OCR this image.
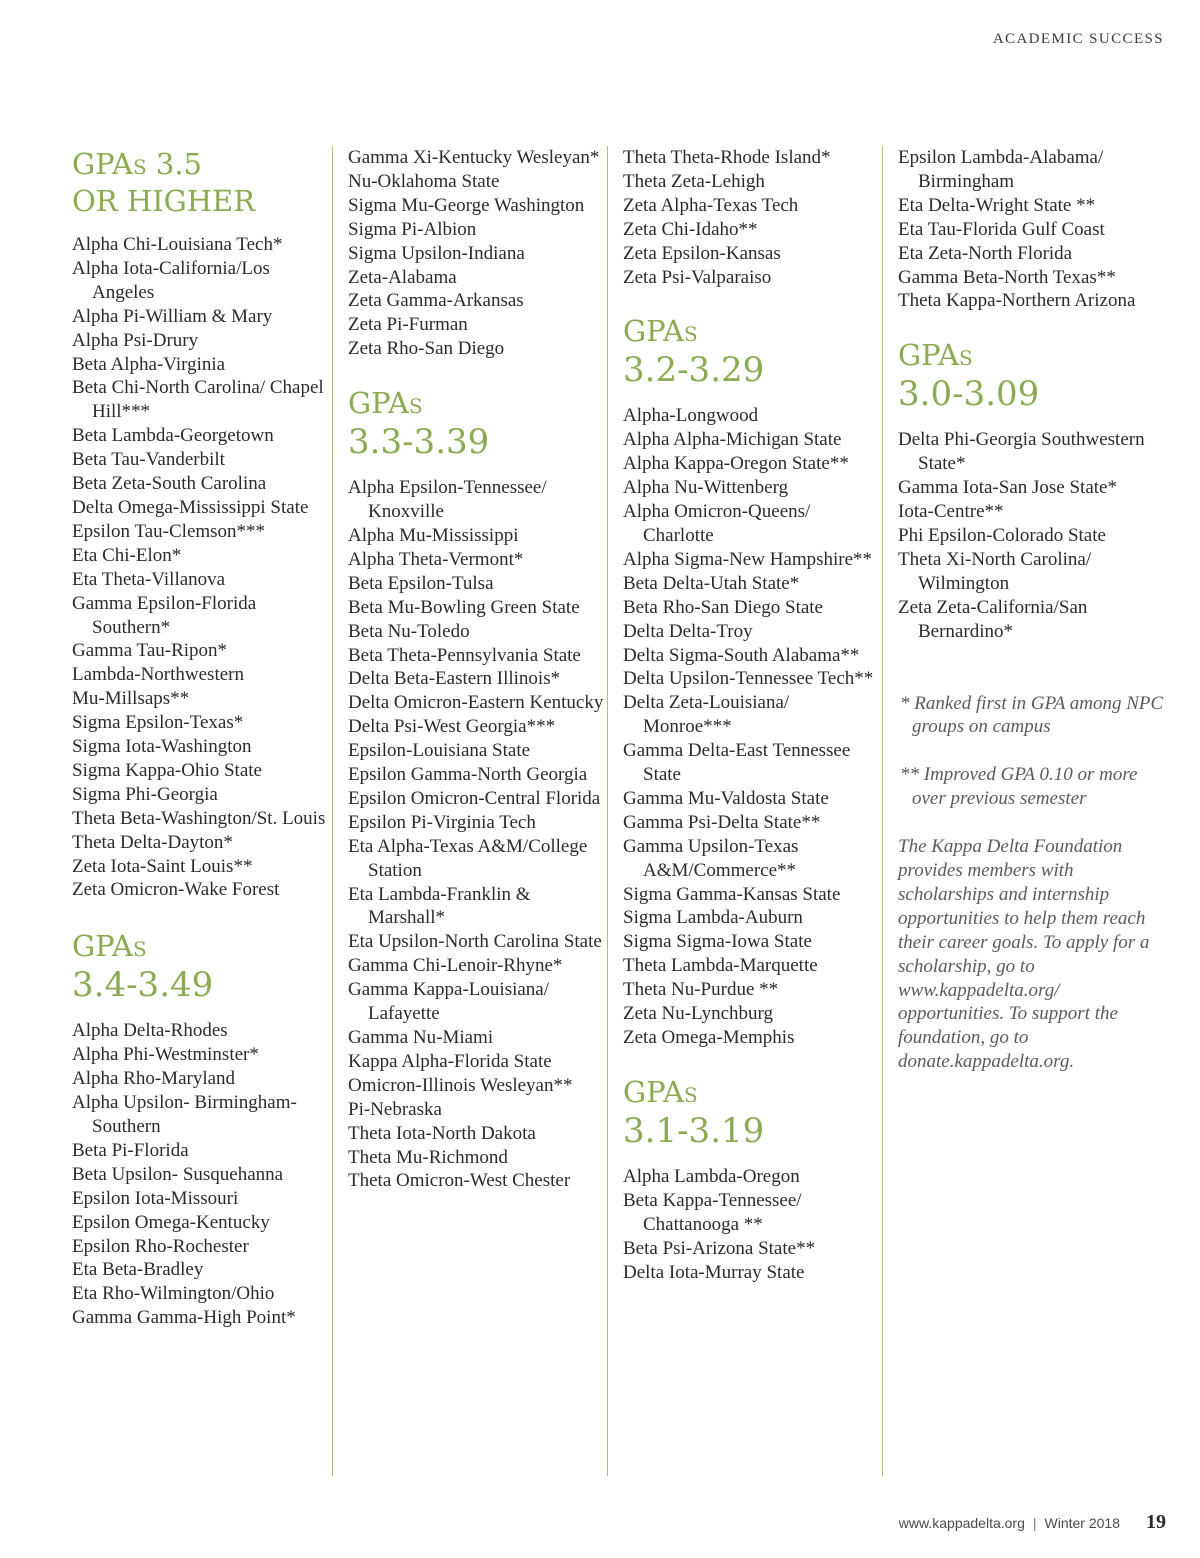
ACADEMIC SUCCESS
GPAs 3.5
OR HIGHER
Alpha Chi-Louisiana Tech*
Alpha Iota-California/Los Angeles
Alpha Pi-William & Mary
Alpha Psi-Drury
Beta Alpha-Virginia
Beta Chi-North Carolina/ Chapel Hill***
Beta Lambda-Georgetown
Beta Tau-Vanderbilt
Beta Zeta-South Carolina
Delta Omega-Mississippi State
Epsilon Tau-Clemson***
Eta Chi-Elon*
Eta Theta-Villanova
Gamma Epsilon-Florida Southern*
Gamma Tau-Ripon*
Lambda-Northwestern
Mu-Millsaps**
Sigma Epsilon-Texas*
Sigma Iota-Washington
Sigma Kappa-Ohio State
Sigma Phi-Georgia
Theta Beta-Washington/St. Louis
Theta Delta-Dayton*
Zeta Iota-Saint Louis**
Zeta Omicron-Wake Forest
GPAs
3.4-3.49
Alpha Delta-Rhodes
Alpha Phi-Westminster*
Alpha Rho-Maryland
Alpha Upsilon- Birmingham-Southern
Beta Pi-Florida
Beta Upsilon- Susquehanna
Epsilon Iota-Missouri
Epsilon Omega-Kentucky
Epsilon Rho-Rochester
Eta Beta-Bradley
Eta Rho-Wilmington/Ohio
Gamma Gamma-High Point*
Gamma Xi-Kentucky Wesleyan*
Nu-Oklahoma State
Sigma Mu-George Washington
Sigma Pi-Albion
Sigma Upsilon-Indiana
Zeta-Alabama
Zeta Gamma-Arkansas
Zeta Pi-Furman
Zeta Rho-San Diego
GPAs
3.3-3.39
Alpha Epsilon-Tennessee/ Knoxville
Alpha Mu-Mississippi
Alpha Theta-Vermont*
Beta Epsilon-Tulsa
Beta Mu-Bowling Green State
Beta Nu-Toledo
Beta Theta-Pennsylvania State
Delta Beta-Eastern Illinois*
Delta Omicron-Eastern Kentucky
Delta Psi-West Georgia***
Epsilon-Louisiana State
Epsilon Gamma-North Georgia
Epsilon Omicron-Central Florida
Epsilon Pi-Virginia Tech
Eta Alpha-Texas A&M/College Station
Eta Lambda-Franklin & Marshall*
Eta Upsilon-North Carolina State
Gamma Chi-Lenoir-Rhyne*
Gamma Kappa-Louisiana/ Lafayette
Gamma Nu-Miami
Kappa Alpha-Florida State
Omicron-Illinois Wesleyan**
Pi-Nebraska
Theta Iota-North Dakota
Theta Mu-Richmond
Theta Omicron-West Chester
Theta Theta-Rhode Island*
Theta Zeta-Lehigh
Zeta Alpha-Texas Tech
Zeta Chi-Idaho**
Zeta Epsilon-Kansas
Zeta Psi-Valparaiso
GPAs
3.2-3.29
Alpha-Longwood
Alpha Alpha-Michigan State
Alpha Kappa-Oregon State**
Alpha Nu-Wittenberg
Alpha Omicron-Queens/ Charlotte
Alpha Sigma-New Hampshire**
Beta Delta-Utah State*
Beta Rho-San Diego State
Delta Delta-Troy
Delta Sigma-South Alabama**
Delta Upsilon-Tennessee Tech**
Delta Zeta-Louisiana/ Monroe***
Gamma Delta-East Tennessee State
Gamma Mu-Valdosta State
Gamma Psi-Delta State**
Gamma Upsilon-Texas A&M/Commerce**
Sigma Gamma-Kansas State
Sigma Lambda-Auburn
Sigma Sigma-Iowa State
Theta Lambda-Marquette
Theta Nu-Purdue **
Zeta Nu-Lynchburg
Zeta Omega-Memphis
GPAs
3.1-3.19
Alpha Lambda-Oregon
Beta Kappa-Tennessee/ Chattanooga **
Beta Psi-Arizona State**
Delta Iota-Murray State
Epsilon Lambda-Alabama/ Birmingham
Eta Delta-Wright State **
Eta Tau-Florida Gulf Coast
Eta Zeta-North Florida
Gamma Beta-North Texas**
Theta Kappa-Northern Arizona
GPAs
3.0-3.09
Delta Phi-Georgia Southwestern State*
Gamma Iota-San Jose State*
Iota-Centre**
Phi Epsilon-Colorado State
Theta Xi-North Carolina/ Wilmington
Zeta Zeta-California/San Bernardino*
* Ranked first in GPA among NPC groups on campus
** Improved GPA 0.10 or more over previous semester
The Kappa Delta Foundation provides members with scholarships and internship opportunities to help them reach their career goals. To apply for a scholarship, go to www.kappadelta.org/ opportunities. To support the foundation, go to donate.kappadelta.org.
www.kappadelta.org | Winter 2018 19
